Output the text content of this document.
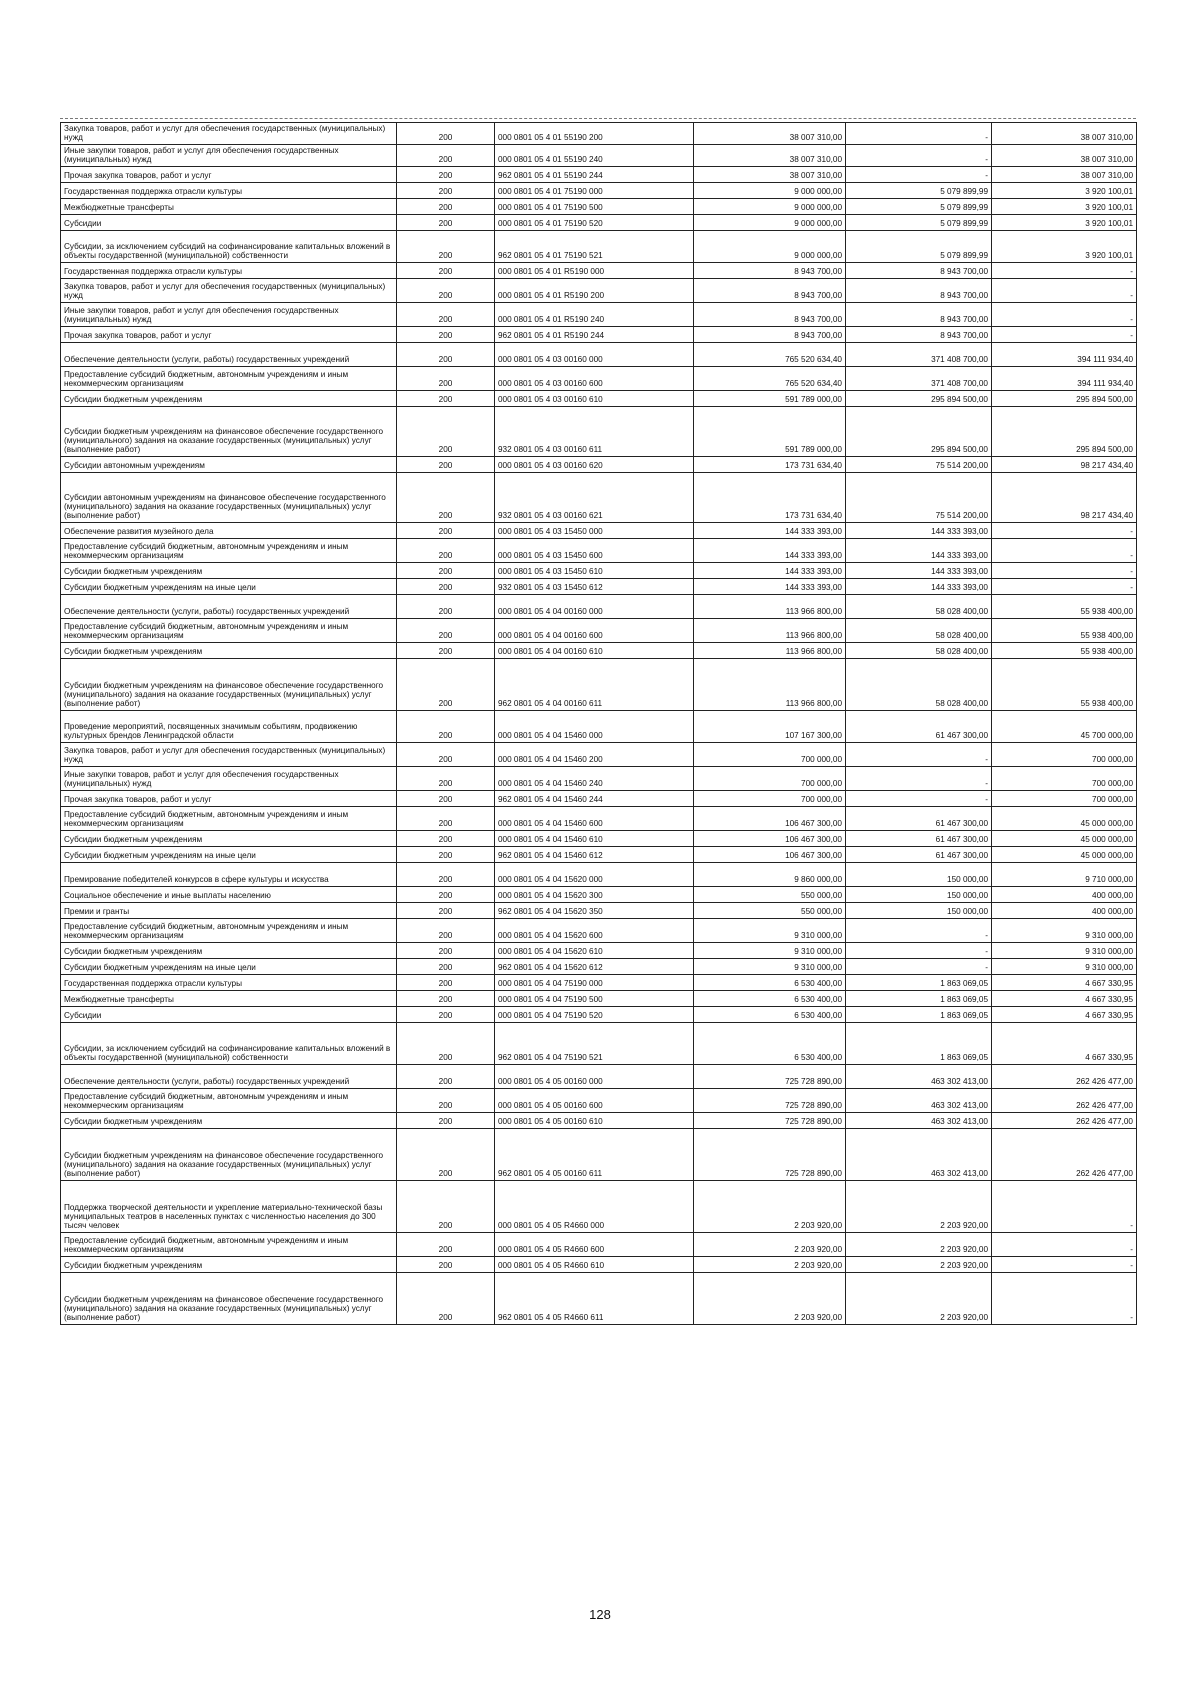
Закупка товаров, работ и услуг для обеспечения государственных (муниципальных) нужд	200	000 0801 05 4 01 55190 200	38 007 310,00	-	38 007 310,00
Иные закупки товаров, работ и услуг для обеспечения государственных (муниципальных) нужд	200	000 0801 05 4 01 55190 240	38 007 310,00	-	38 007 310,00
Прочая закупка товаров, работ и услуг	200	962 0801 05 4 01 55190 244	38 007 310,00	-	38 007 310,00
Государственная поддержка отрасли культуры	200	000 0801 05 4 01 75190 000	9 000 000,00	5 079 899,99	3 920 100,01
Межбюджетные трансферты	200	000 0801 05 4 01 75190 500	9 000 000,00	5 079 899,99	3 920 100,01
Субсидии	200	000 0801 05 4 01 75190 520	9 000 000,00	5 079 899,99	3 920 100,01
Субсидии, за исключением субсидий на софинансирование капитальных вложений в объекты государственной (муниципальной) собственности	200	962 0801 05 4 01 75190 521	9 000 000,00	5 079 899,99	3 920 100,01
Государственная поддержка отрасли культуры	200	000 0801 05 4 01 R5190 000	8 943 700,00	8 943 700,00	-
Закупка товаров, работ и услуг для обеспечения государственных (муниципальных) нужд	200	000 0801 05 4 01 R5190 200	8 943 700,00	8 943 700,00	-
Иные закупки товаров, работ и услуг для обеспечения государственных (муниципальных) нужд	200	000 0801 05 4 01 R5190 240	8 943 700,00	8 943 700,00	-
Прочая закупка товаров, работ и услуг	200	962 0801 05 4 01 R5190 244	8 943 700,00	8 943 700,00	-
Обеспечение деятельности (услуги, работы) государственных учреждений	200	000 0801 05 4 03 00160 000	765 520 634,40	371 408 700,00	394 111 934,40
Предоставление субсидий бюджетным, автономным учреждениям и иным некоммерческим организациям	200	000 0801 05 4 03 00160 600	765 520 634,40	371 408 700,00	394 111 934,40
Субсидии бюджетным учреждениям	200	000 0801 05 4 03 00160 610	591 789 000,00	295 894 500,00	295 894 500,00
Субсидии бюджетным учреждениям на финансовое обеспечение государственного (муниципального) задания на оказание государственных (муниципальных) услуг (выполнение работ)	200	932 0801 05 4 03 00160 611	591 789 000,00	295 894 500,00	295 894 500,00
Субсидии автономным учреждениям	200	000 0801 05 4 03 00160 620	173 731 634,40	75 514 200,00	98 217 434,40
Субсидии автономным учреждениям на финансовое обеспечение государственного (муниципального) задания на оказание государственных (муниципальных) услуг (выполнение работ)	200	932 0801 05 4 03 00160 621	173 731 634,40	75 514 200,00	98 217 434,40
Обеспечение развития музейного дела	200	000 0801 05 4 03 15450 000	144 333 393,00	144 333 393,00	-
Предоставление субсидий бюджетным, автономным учреждениям и иным некоммерческим организациям	200	000 0801 05 4 03 15450 600	144 333 393,00	144 333 393,00	-
Субсидии бюджетным учреждениям	200	000 0801 05 4 03 15450 610	144 333 393,00	144 333 393,00	-
Субсидии бюджетным учреждениям на иные цели	200	932 0801 05 4 03 15450 612	144 333 393,00	144 333 393,00	-
Обеспечение деятельности (услуги, работы) государственных учреждений	200	000 0801 05 4 04 00160 000	113 966 800,00	58 028 400,00	55 938 400,00
Предоставление субсидий бюджетным, автономным учреждениям и иным некоммерческим организациям	200	000 0801 05 4 04 00160 600	113 966 800,00	58 028 400,00	55 938 400,00
Субсидии бюджетным учреждениям	200	000 0801 05 4 04 00160 610	113 966 800,00	58 028 400,00	55 938 400,00
Субсидии бюджетным учреждениям на финансовое обеспечение государственного (муниципального) задания на оказание государственных (муниципальных) услуг (выполнение работ)	200	962 0801 05 4 04 00160 611	113 966 800,00	58 028 400,00	55 938 400,00
Проведение мероприятий, посвященных значимым событиям, продвижению культурных брендов Ленинградской области	200	000 0801 05 4 04 15460 000	107 167 300,00	61 467 300,00	45 700 000,00
Закупка товаров, работ и услуг для обеспечения государственных (муниципальных) нужд	200	000 0801 05 4 04 15460 200	700 000,00	-	700 000,00
Иные закупки товаров, работ и услуг для обеспечения государственных (муниципальных) нужд	200	000 0801 05 4 04 15460 240	700 000,00	-	700 000,00
Прочая закупка товаров, работ и услуг	200	962 0801 05 4 04 15460 244	700 000,00	-	700 000,00
Предоставление субсидий бюджетным, автономным учреждениям и иным некоммерческим организациям	200	000 0801 05 4 04 15460 600	106 467 300,00	61 467 300,00	45 000 000,00
Субсидии бюджетным учреждениям	200	000 0801 05 4 04 15460 610	106 467 300,00	61 467 300,00	45 000 000,00
Субсидии бюджетным учреждениям на иные цели	200	962 0801 05 4 04 15460 612	106 467 300,00	61 467 300,00	45 000 000,00
Премирование победителей конкурсов в сфере культуры и искусства	200	000 0801 05 4 04 15620 000	9 860 000,00	150 000,00	9 710 000,00
Социальное обеспечение и иные выплаты населению	200	000 0801 05 4 04 15620 300	550 000,00	150 000,00	400 000,00
Премии и гранты	200	962 0801 05 4 04 15620 350	550 000,00	150 000,00	400 000,00
Предоставление субсидий бюджетным, автономным учреждениям и иным некоммерческим организациям	200	000 0801 05 4 04 15620 600	9 310 000,00	-	9 310 000,00
Субсидии бюджетным учреждениям	200	000 0801 05 4 04 15620 610	9 310 000,00	-	9 310 000,00
Субсидии бюджетным учреждениям на иные цели	200	962 0801 05 4 04 15620 612	9 310 000,00	-	9 310 000,00
Государственная поддержка отрасли культуры	200	000 0801 05 4 04 75190 000	6 530 400,00	1 863 069,05	4 667 330,95
Межбюджетные трансферты	200	000 0801 05 4 04 75190 500	6 530 400,00	1 863 069,05	4 667 330,95
Субсидии	200	000 0801 05 4 04 75190 520	6 530 400,00	1 863 069,05	4 667 330,95
Субсидии, за исключением субсидий на софинансирование капитальных вложений в объекты государственной (муниципальной) собственности	200	962 0801 05 4 04 75190 521	6 530 400,00	1 863 069,05	4 667 330,95
Обеспечение деятельности (услуги, работы) государственных учреждений	200	000 0801 05 4 05 00160 000	725 728 890,00	463 302 413,00	262 426 477,00
Предоставление субсидий бюджетным, автономным учреждениям и иным некоммерческим организациям	200	000 0801 05 4 05 00160 600	725 728 890,00	463 302 413,00	262 426 477,00
Субсидии бюджетным учреждениям	200	000 0801 05 4 05 00160 610	725 728 890,00	463 302 413,00	262 426 477,00
Субсидии бюджетным учреждениям на финансовое обеспечение государственного (муниципального) задания на оказание государственных (муниципальных) услуг (выполнение работ)	200	962 0801 05 4 05 00160 611	725 728 890,00	463 302 413,00	262 426 477,00
Поддержка творческой деятельности и укрепление материально-технической базы муниципальных театров в населенных пунктах с численностью населения до 300 тысяч человек	200	000 0801 05 4 05 R4660 000	2 203 920,00	2 203 920,00	-
Предоставление субсидий бюджетным, автономным учреждениям и иным некоммерческим организациям	200	000 0801 05 4 05 R4660 600	2 203 920,00	2 203 920,00	-
Субсидии бюджетным учреждениям	200	000 0801 05 4 05 R4660 610	2 203 920,00	2 203 920,00	-
Субсидии бюджетным учреждениям на финансовое обеспечение государственного (муниципального) задания на оказание государственных (муниципальных) услуг (выполнение работ)	200	962 0801 05 4 05 R4660 611	2 203 920,00	2 203 920,00	-
128
